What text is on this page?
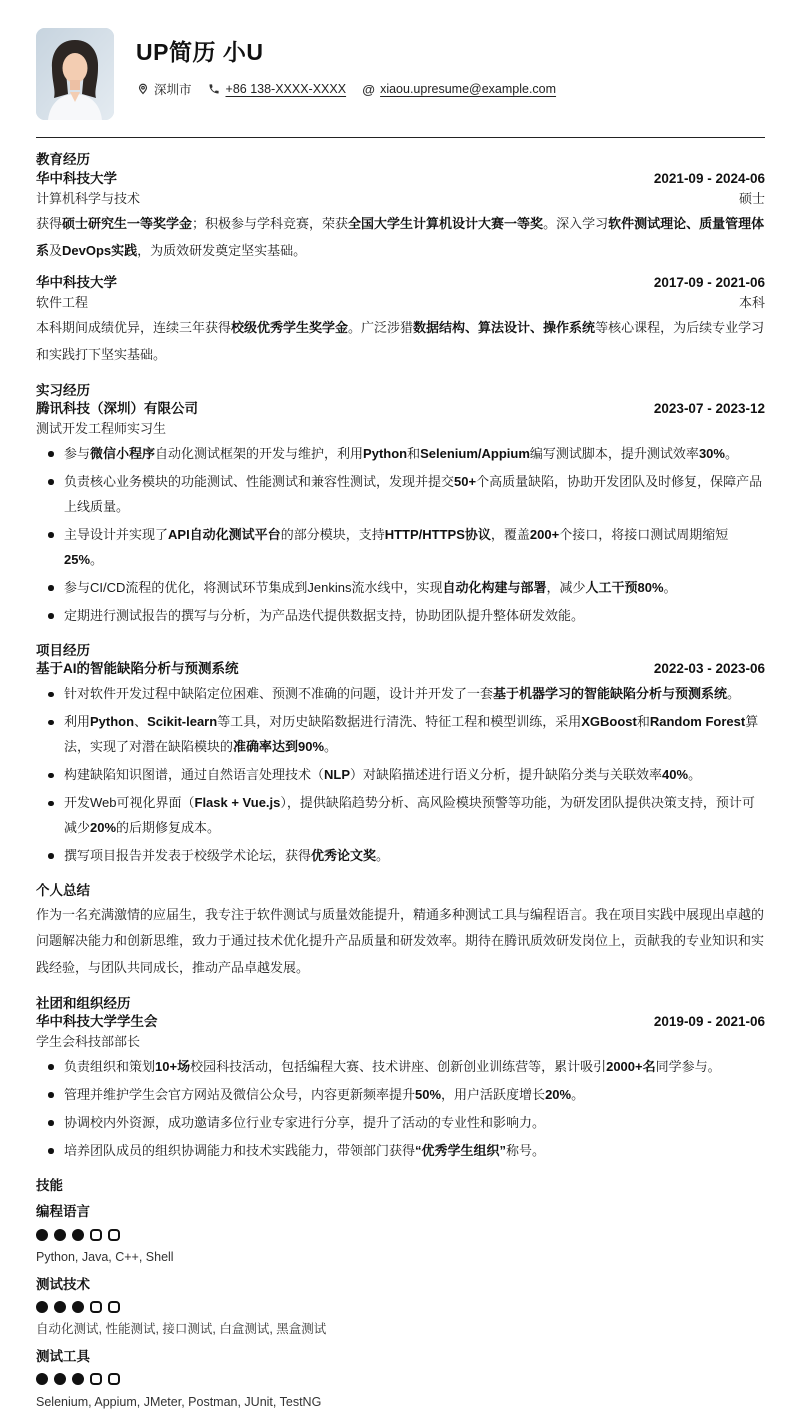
UP简历 小U
深圳市	+86 138-XXXX-XXXX @ xiaou.upresume@example.com
教育经历
华中科技大学	2021-09 - 2024-06
计算机科学与技术	硕士
获得硕士研究生一等奖学金；积极参与学科竞赛，荣获全国大学生计算机设计大赛一等奖。深入学习软件测试理论、质量管理体系及DevOps实践，为质效研发奠定坚实基础。
华中科技大学	2017-09 - 2021-06
软件工程	本科
本科期间成绩优异，连续三年获得校级优秀学生奖学金。广泛涉猎数据结构、算法设计、操作系统等核心课程，为后续专业学习和实践打下坚实基础。
实习经历
腾讯科技（深圳）有限公司	2023-07 - 2023-12
测试开发工程师实习生
参与微信小程序自动化测试框架的开发与维护，利用Python和Selenium/Appium编写测试脚本，提升测试效率30%。
负责核心业务模块的功能测试、性能测试和兼容性测试，发现并提交50+个高质量缺陷，协助开发团队及时修复，保障产品上线质量。
主导设计并实现了API自动化测试平台的部分模块，支持HTTP/HTTPS协议，覆盖200+个接口，将接口测试周期缩短25%。
参与CI/CD流程的优化，将测试环节集成到Jenkins流水线中，实现自动化构建与部署，减少人工干预80%。
定期进行测试报告的撰写与分析，为产品迭代提供数据支持，协助团队提升整体研发效能。
项目经历
基于AI的智能缺陷分析与预测系统	2022-03 - 2023-06
针对软件开发过程中缺陷定位困难、预测不准确的问题，设计并开发了一套基于机器学习的智能缺陷分析与预测系统。
利用Python、Scikit-learn等工具，对历史缺陷数据进行清洗、特征工程和模型训练，采用XGBoost和Random Forest算法，实现了对潜在缺陷模块的准确率达到90%。
构建缺陷知识图谱，通过自然语言处理技术（NLP）对缺陷描述进行语义分析，提升缺陷分类与关联效率40%。
开发Web可视化界面（Flask + Vue.js），提供缺陷趋势分析、高风险模块预警等功能，为研发团队提供决策支持，预计可减少20%的后期修复成本。
撰写项目报告并发表于校级学术论坛，获得优秀论文奖。
个人总结
作为一名充满激情的应届生，我专注于软件测试与质量效能提升，精通多种测试工具与编程语言。我在项目实践中展现出卓越的问题解决能力和创新思维，致力于通过技术优化提升产品质量和研发效率。期待在腾讯质效研发岗位上，贡献我的专业知识和实践经验，与团队共同成长，推动产品卓越发展。
社团和组织经历
华中科技大学学生会	2019-09 - 2021-06
学生会科技部部长
负责组织和策划10+场校园科技活动，包括编程大赛、技术讲座、创新创业训练营等，累计吸引2000+名同学参与。
管理并维护学生会官方网站及微信公众号，内容更新频率提升50%，用户活跃度增长20%。
协调校内外资源，成功邀请多位行业专家进行分享，提升了活动的专业性和影响力。
培养团队成员的组织协调能力和技术实践能力，带领部门获得“优秀学生组织”称号。
技能
编程语言
Python, Java, C++, Shell
测试技术
自动化测试, 性能测试, 接口测试, 白盒测试, 黑盒测试
测试工具
Selenium, Appium, JMeter, Postman, JUnit, TestNG
